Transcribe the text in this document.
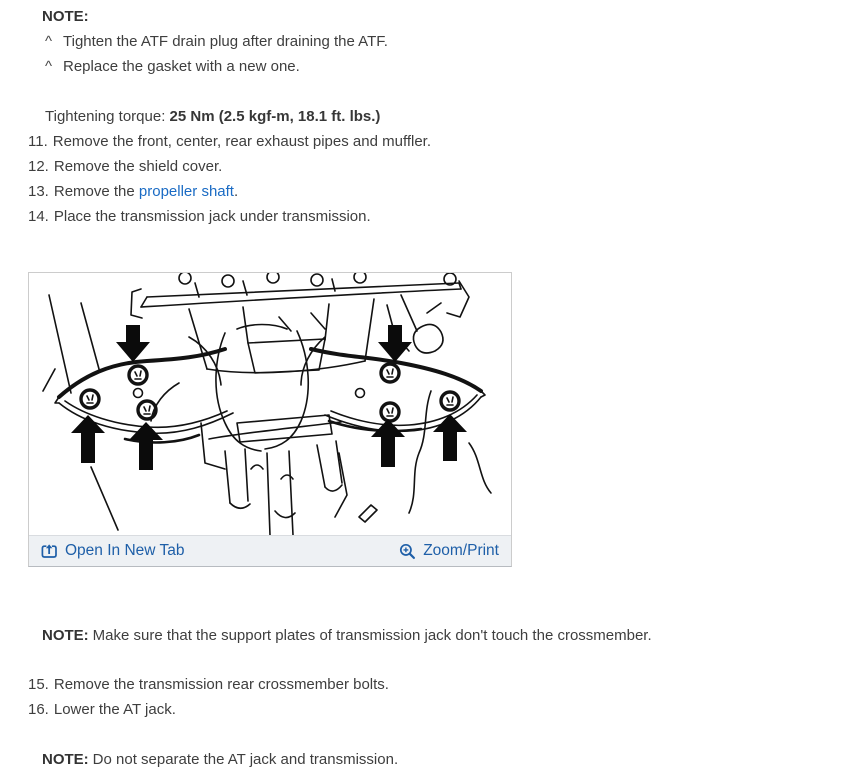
NOTE:
^ Tighten the ATF drain plug after draining the ATF.
^ Replace the gasket with a new one.
Tightening torque: 25 Nm (2.5 kgf-m, 18.1 ft. lbs.)
11. Remove the front, center, rear exhaust pipes and muffler.
12. Remove the shield cover.
13. Remove the propeller shaft.
14. Place the transmission jack under transmission.
Open In New Tab	Zoom/Print
NOTE: Make sure that the support plates of transmission jack don't touch the crossmember.
15. Remove the transmission rear crossmember bolts.
16. Lower the AT jack.
NOTE: Do not separate the AT jack and transmission.
